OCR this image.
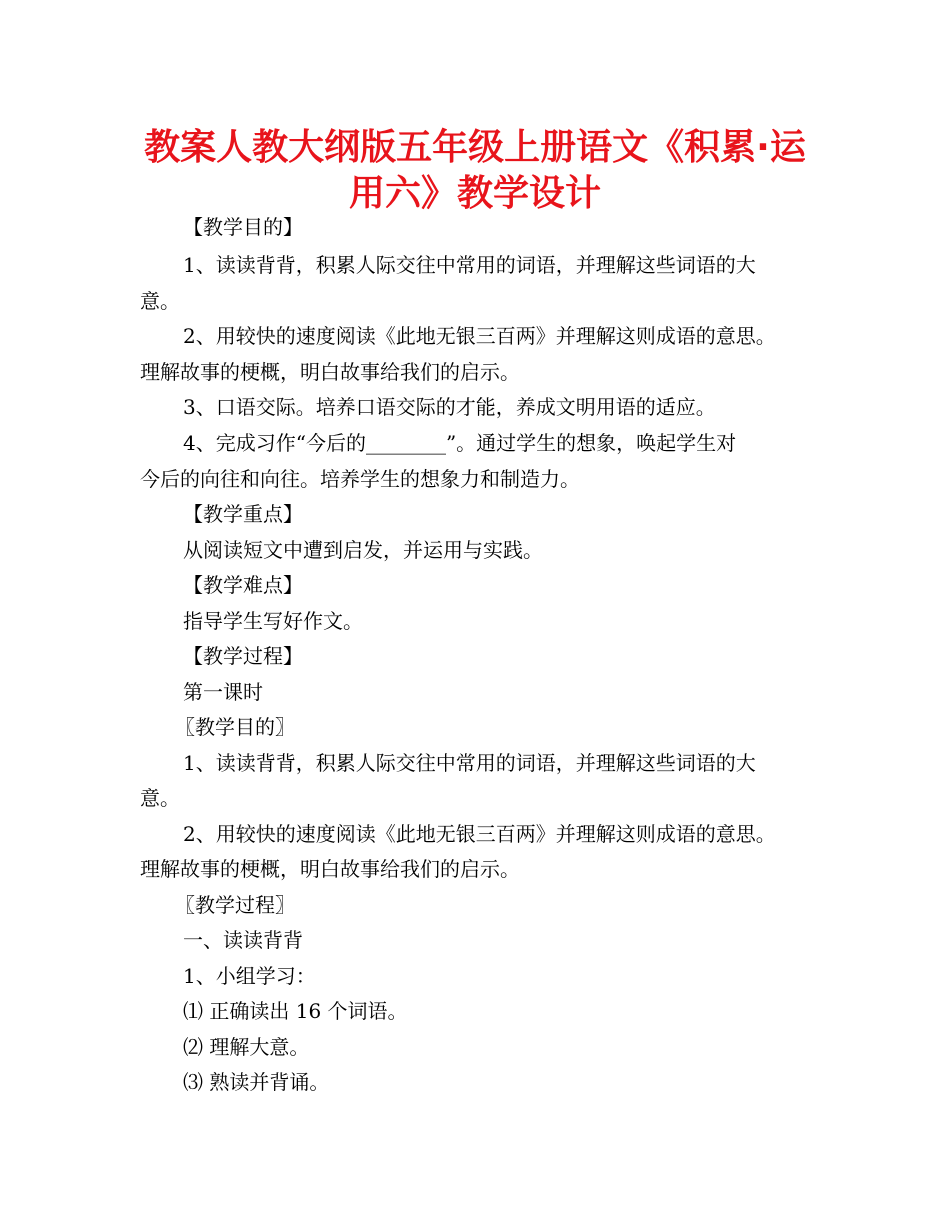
教案人教大纲版五年级上册语文《积累·运
用六》教学设计
【教学目的】
1、读读背背，积累人际交往中常用的词语，并理解这些词语的大
意。
2、用较快的速度阅读《此地无银三百两》并理解这则成语的意思。
理解故事的梗概，明白故事给我们的启示。
3、口语交际。培养口语交际的才能，养成文明用语的适应。
4、完成习作“今后的________”。通过学生的想象，唤起学生对
今后的向往和向往。培养学生的想象力和制造力。
【教学重点】
从阅读短文中遭到启发，并运用与实践。
【教学难点】
指导学生写好作文。
【教学过程】
第一课时
〖教学目的〗
1、读读背背，积累人际交往中常用的词语，并理解这些词语的大
意。
2、用较快的速度阅读《此地无银三百两》并理解这则成语的意思。
理解故事的梗概，明白故事给我们的启示。
〖教学过程〗
一、读读背背
1、小组学习：
⑴ 正确读出 16 个词语。
⑵ 理解大意。
⑶ 熟读并背诵。
